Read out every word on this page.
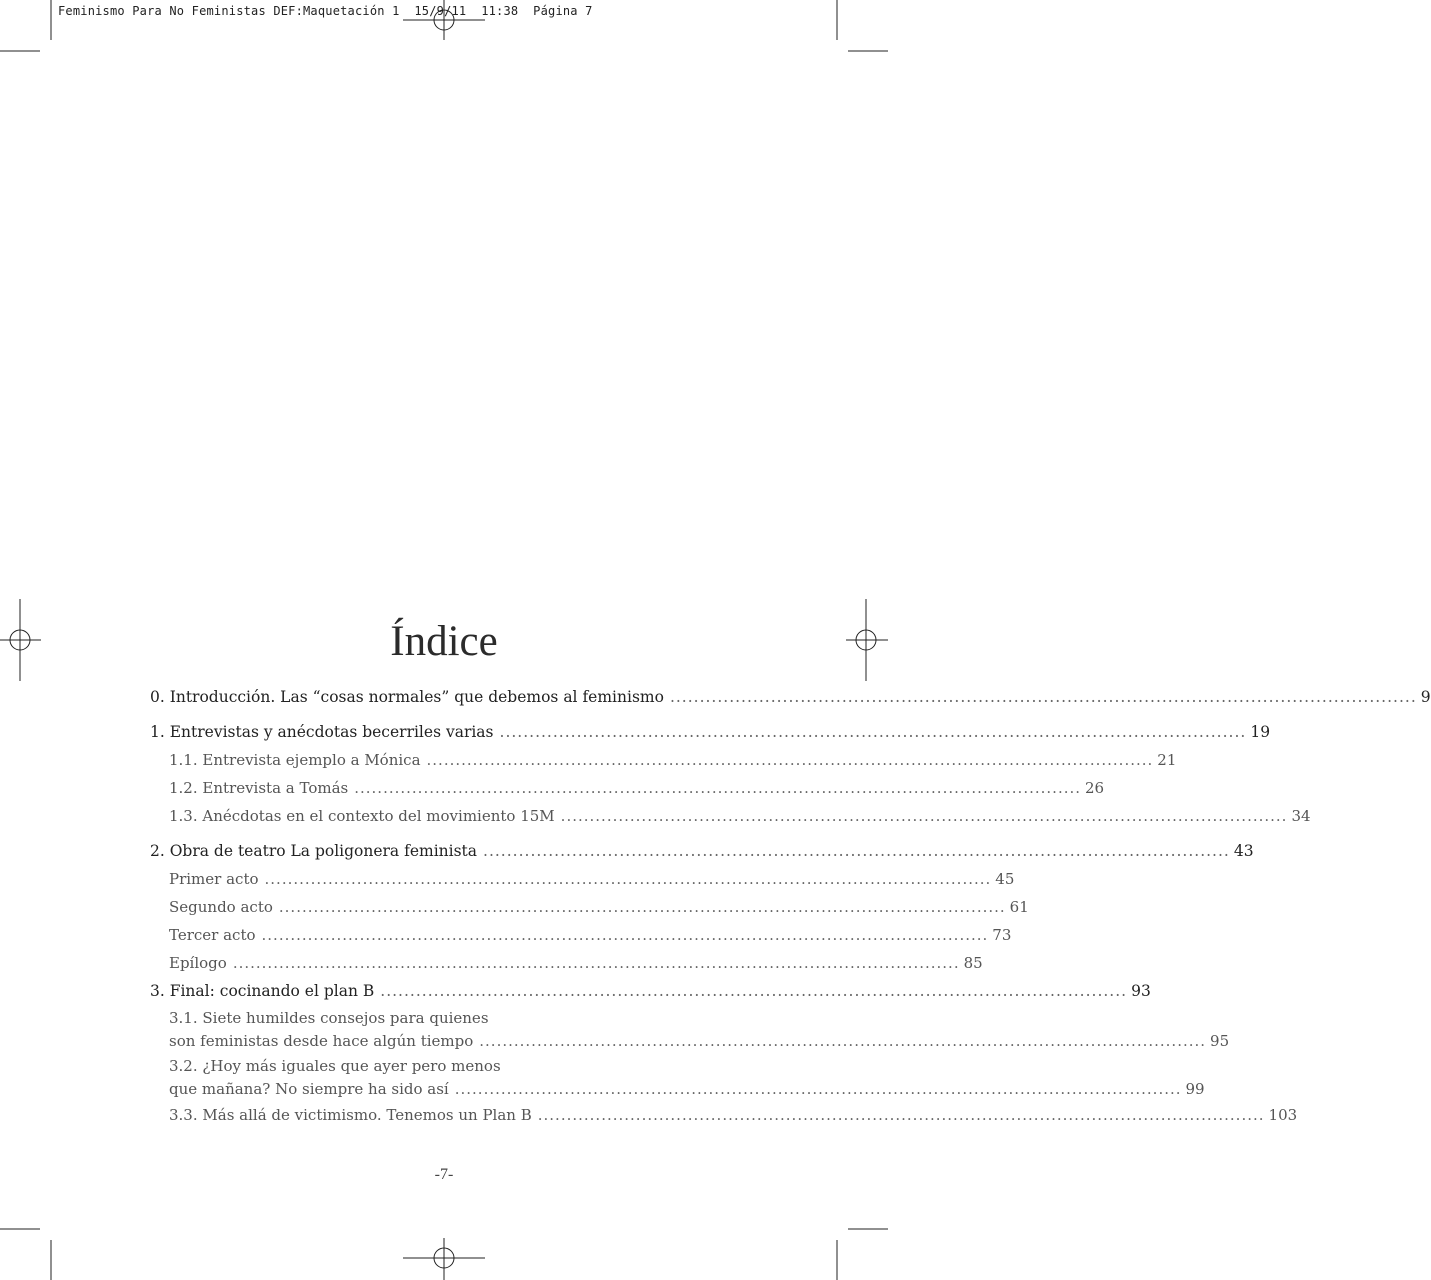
Feminismo Para No Feministas DEF:Maquetación 1  15/9/11  11:38  Página 7
Índice
0. Introducción. Las “cosas normales” que debemos al feminismo .............................................................................................................................. 9
1. Entrevistas y anécdotas becerriles varias .............................................................................................................................. 19
1.1. Entrevista ejemplo a Mónica .............................................................................................................................. 21
1.2. Entrevista a Tomás .............................................................................................................................. 26
1.3. Anécdotas en el contexto del movimiento 15M .............................................................................................................................. 34
2. Obra de teatro La poligonera feminista .............................................................................................................................. 43
Primer acto .............................................................................................................................. 45
Segundo acto .............................................................................................................................. 61
Tercer acto .............................................................................................................................. 73
Epílogo .............................................................................................................................. 85
3. Final: cocinando el plan B .............................................................................................................................. 93
3.1. Siete humildes consejos para quienes
son feministas desde hace algún tiempo .............................................................................................................................. 95
3.2. ¿Hoy más iguales que ayer pero menos
que mañana? No siempre ha sido así .............................................................................................................................. 99
3.3. Más allá de victimismo. Tenemos un Plan B .............................................................................................................................. 103
-7-
